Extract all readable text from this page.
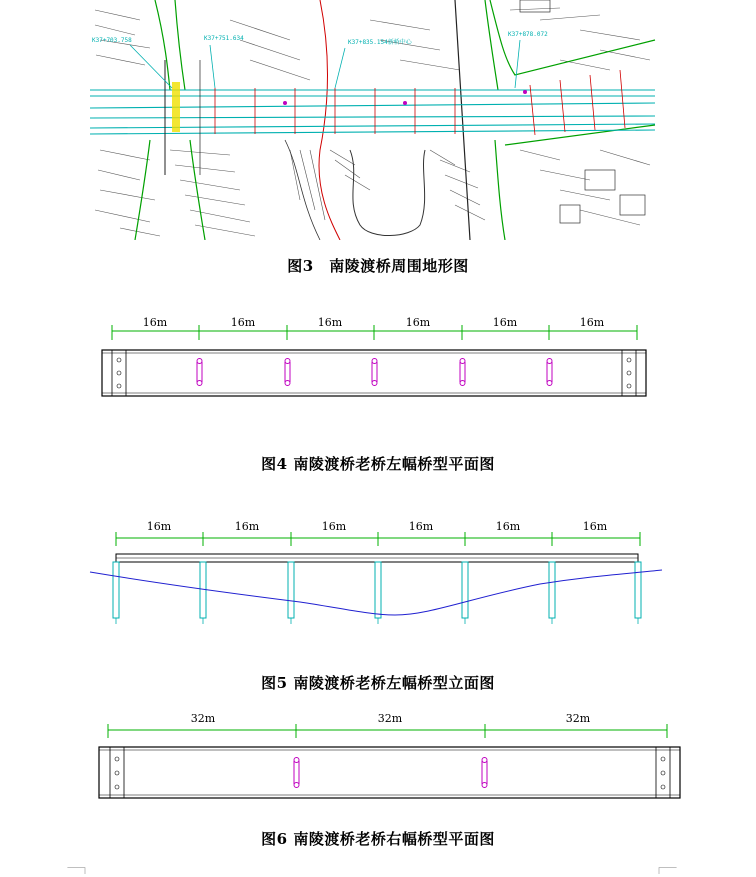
K37+703.758	K37+751.634
K37+835.154新桥中心
K37+878.072
图3　南陵渡桥周围地形图
16m	16m	16m	16m	16m	16m
图4 南陵渡桥老桥左幅桥型平面图
16m	16m	16m	16m	16m	16m
图5 南陵渡桥老桥左幅桥型立面图
32m	32m	32m
图6 南陵渡桥老桥右幅桥型平面图
